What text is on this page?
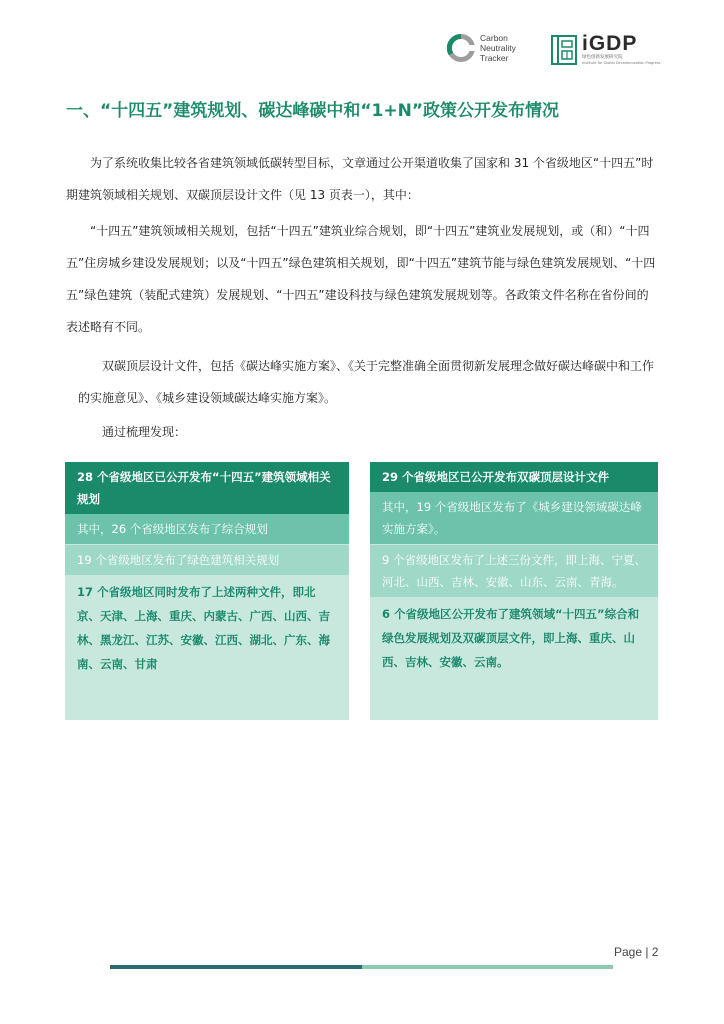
Carbon
Neutrality
Tracker
iGDP
绿色创新发展研究院
Institute for Global Decarbonization Progress
一、“十四五”建筑规划、碳达峰碳中和“1+N”政策公开发布情况

为了系统收集比较各省建筑领域低碳转型目标，文章通过公开渠道收集了国家和 31 个省级地区“十四五”时期建筑领域相关规划、双碳顶层设计文件（见 13 页表一），其中：

“十四五”建筑领域相关规划，包括“十四五”建筑业综合规划，即“十四五”建筑业发展规划，或（和）“十四五”住房城乡建设发展规划；以及“十四五”绿色建筑相关规划，即“十四五”建筑节能与绿色建筑发展规划、“十四五”绿色建筑（装配式建筑）发展规划、“十四五”建设科技与绿色建筑发展规划等。各政策文件名称在省份间的表述略有不同。

双碳顶层设计文件，包括《碳达峰实施方案》、《关于完整准确全面贯彻新发展理念做好碳达峰碳中和工作的实施意见》、《城乡建设领域碳达峰实施方案》。

通过梳理发现：

28 个省级地区已公开发布“十四五”建筑领域相关规划
其中，26 个省级地区发布了综合规划
19 个省级地区发布了绿色建筑相关规划
17 个省级地区同时发布了上述两种文件，即北京、天津、上海、重庆、内蒙古、广西、山西、吉林、黑龙江、江苏、安徽、江西、湖北、广东、海南、云南、甘肃
29 个省级地区已公开发布双碳顶层设计文件
其中，19 个省级地区发布了《城乡建设领域碳达峰实施方案》。
9 个省级地区发布了上述三份文件，即上海、宁夏、河北、山西、吉林、安徽、山东、云南、青海。
6 个省级地区公开发布了建筑领域“十四五”综合和绿色发展规划及双碳顶层文件，即上海、重庆、山西、吉林、安徽、云南。
Page | 2
